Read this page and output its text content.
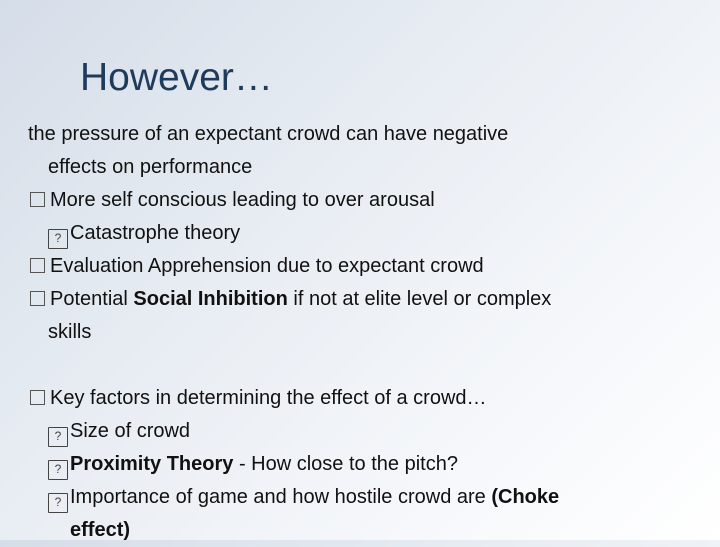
However…
the pressure of an expectant crowd can have negative
effects on performance
More self conscious leading to over arousal
? Catastrophe theory
Evaluation Apprehension due to expectant crowd
Potential Social Inhibition if not at elite level or complex
skills
Key factors in determining the effect of a crowd…
? Size of crowd
? Proximity Theory - How close to the pitch?
? Importance of game and how hostile crowd are (Choke
effect)
